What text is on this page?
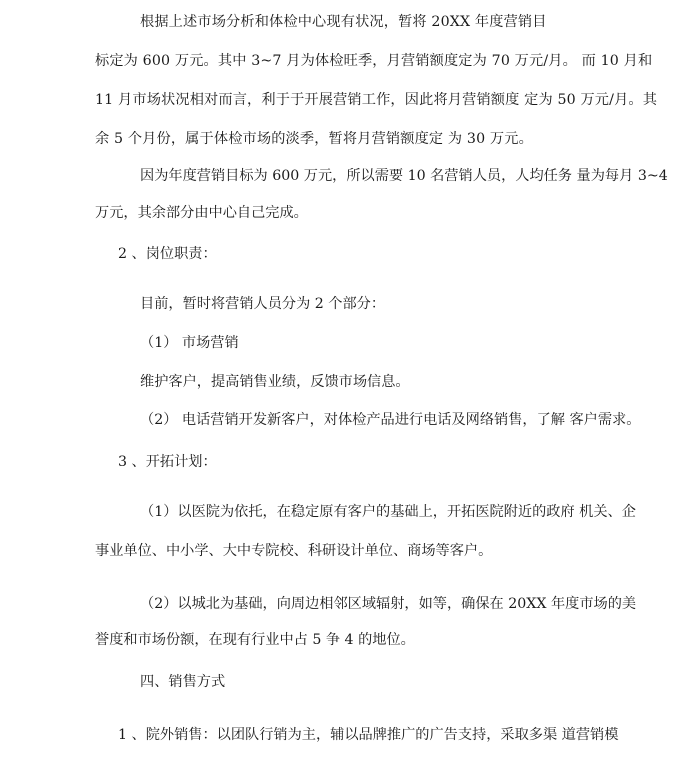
根据上述市场分析和体检中心现有状况，暂将 20XX 年度营销目
标定为 600 万元。其中 3~7 月为体检旺季，月营销额度定为 70 万元/月。 而 10 月和
11 月市场状况相对而言，利于于开展营销工作，因此将月营销额度 定为 50 万元/月。其
余 5 个月份，属于体检市场的淡季，暂将月营销额度定 为 30 万元。
因为年度营销目标为 600 万元，所以需要 10 名营销人员，人均任务 量为每月 3~4
万元，其余部分由中心自己完成。
2 、岗位职责：
目前，暂时将营销人员分为 2 个部分：
（1） 市场营销
维护客户，提高销售业绩，反馈市场信息。
（2） 电话营销开发新客户，对体检产品进行电话及网络销售，了解 客户需求。
3 、开拓计划：
（1）以医院为依托，在稳定原有客户的基础上，开拓医院附近的政府 机关、企
事业单位、中小学、大中专院校、科研设计单位、商场等客户。
（2）以城北为基础，向周边相邻区域辐射，如等，确保在 20XX 年度市场的美
誉度和市场份额，在现有行业中占 5 争 4 的地位。
四、销售方式
1 、院外销售：以团队行销为主，辅以品牌推广的广告支持，采取多渠 道营销模
